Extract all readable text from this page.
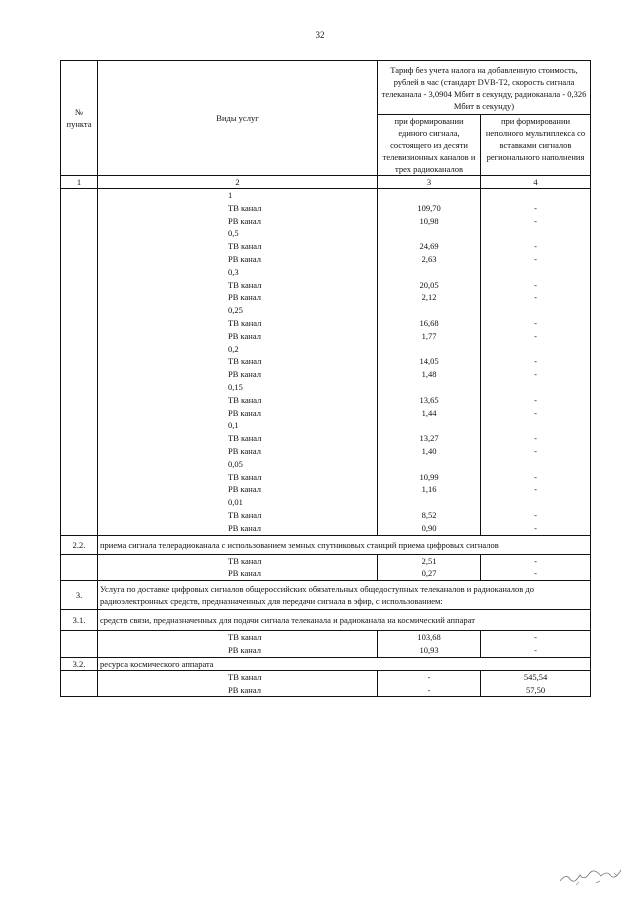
32
№ пункта	Виды услуг	Тариф без учета налога на добавленную стоимость, рублей в час (стандарт DVB-T2, скорость сигнала телеканала - 3,0904 Мбит в секунду, радиоканала - 0,326 Мбит в секунду)	
		при формировании единого сигнала, состоящего из десяти телевизионных каналов и трех радиоканалов	при формировании неполного мультиплекса со вставками сигналов регионального наполнения
1	2	3	4
	1		
	ТВ канал	109,70	-
	РВ канал	10,98	-
	0,5		
	ТВ канал	24,69	-
	РВ канал	2,63	-
	0,3		
	ТВ канал	20,05	-
	РВ канал	2,12	-
	0,25		
	ТВ канал	16,68	-
	РВ канал	1,77	-
	0,2		
	ТВ канал	14,05	-
	РВ канал	1,48	-
	0,15		
	ТВ канал	13,65	-
	РВ канал	1,44	-
	0,1		
	ТВ канал	13,27	-
	РВ канал	1,40	-
	0,05		
	ТВ канал	10,99	-
	РВ канал	1,16	-
	0,01		
	ТВ канал	8,52	-
	РВ канал	0,90	-
2.2.	приема сигнала телерадиоканала с использованием земных спутниковых станций приема цифровых сигналов		
	ТВ канал	2,51	-
	РВ канал	0,27	-
3.	Услуга по доставке цифровых сигналов общероссийских обязательных общедоступных телеканалов и радиоканалов до радиоэлектронных средств, предназначенных для передачи сигнала в эфир, с использованием:		
3.1.	средств связи, предназначенных для подачи сигнала телеканала и радиоканала на космический аппарат		
	ТВ канал	103,68	-
	РВ канал	10,93	-
3.2.	ресурса космического аппарата		
	ТВ канал	-	545,54
	РВ канал	-	57,50
